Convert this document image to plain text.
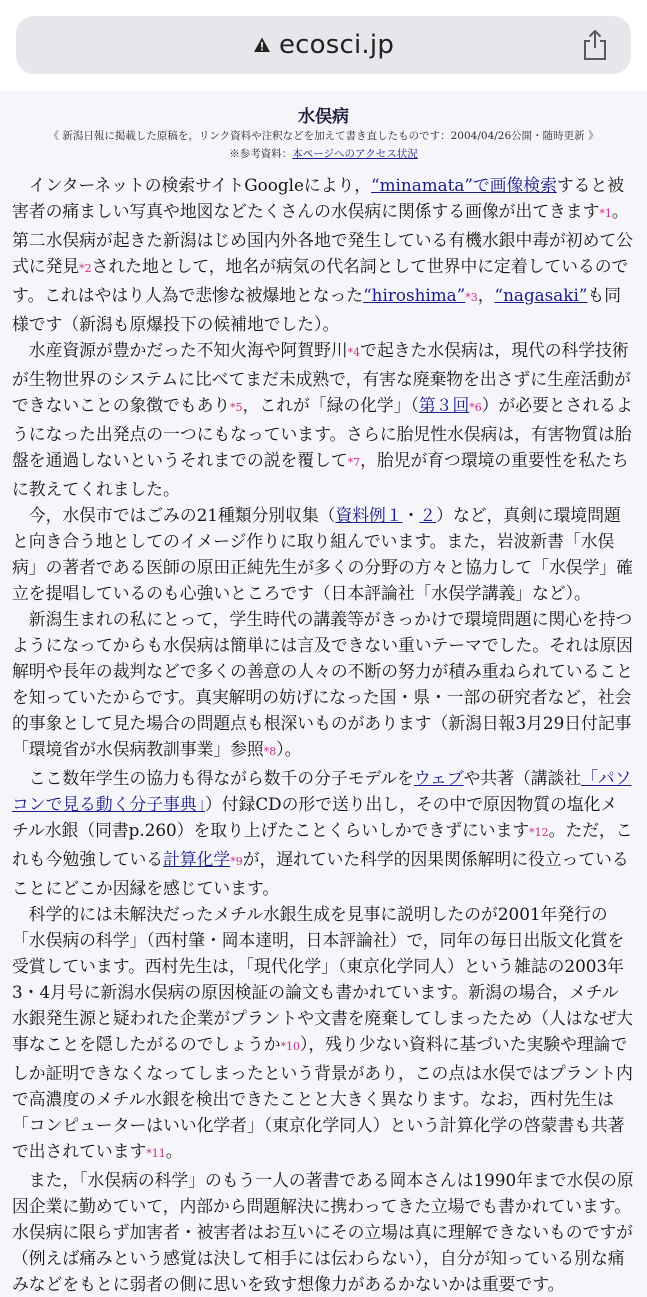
ecosci.jp
水俣病
《 新潟日報に掲載した原稿を，リンク資料や注釈などを加えて書き直したものです：2004/04/26公開・随時更新 》
※参考資料：本ページへのアクセス状況

インターネットの検索サイトGoogleにより，“minamata”で画像検索すると被害者の痛ましい写真や地図などたくさんの水俣病に関係する画像が出てきます*1。第二水俣病が起きた新潟はじめ国内外各地で発生している有機水銀中毒が初めて公式に発見*2された地として，地名が病気の代名詞として世界中に定着しているのです。これはやはり人為で悲惨な被爆地となった“hiroshima”*3，“nagasaki”も同様です（新潟も原爆投下の候補地でした）。

水産資源が豊かだった不知火海や阿賀野川*4で起きた水俣病は，現代の科学技術が生物世界のシステムに比べてまだ未成熟で，有害な廃棄物を出さずに生産活動ができないことの象徴でもあり*5，これが「緑の化学」（第３回*6）が必要とされるようになった出発点の一つにもなっています。さらに胎児性水俣病は，有害物質は胎盤を通過しないというそれまでの説を覆して*7，胎児が育つ環境の重要性を私たちに教えてくれました。

今，水俣市ではごみの21種類分別収集（資料例１・２）など，真剣に環境問題と向き合う地としてのイメージ作りに取り組んでいます。また，岩波新書「水俣病」の著者である医師の原田正純先生が多くの分野の方々と協力して「水俣学」確立を提唱しているのも心強いところです（日本評論社「水俣学講義」など）。

新潟生まれの私にとって，学生時代の講義等がきっかけで環境問題に関心を持つようになってからも水俣病は簡単には言及できない重いテーマでした。それは原因解明や長年の裁判などで多くの善意の人々の不断の努力が積み重ねられていることを知っていたからです。真実解明の妨げになった国・県・一部の研究者など，社会的事象として見た場合の問題点も根深いものがあります（新潟日報3月29日付記事「環境省が水俣病教訓事業」参照*8）。

ここ数年学生の協力も得ながら数千の分子モデルをウェブや共著（講談社「パソコンで見る動く分子事典」）付録CDの形で送り出し，その中で原因物質の塩化メチル水銀（同書p.260）を取り上げたことくらいしかできずにいます*12。ただ，これも今勉強している計算化学*9が，遅れていた科学的因果関係解明に役立っていることにどこか因縁を感じています。

科学的には未解決だったメチル水銀生成を見事に説明したのが2001年発行の「水俣病の科学」（西村肇・岡本達明，日本評論社）で，同年の毎日出版文化賞を受賞しています。西村先生は，「現代化学」（東京化学同人）という雑誌の2003年3・4月号に新潟水俣病の原因検証の論文も書かれています。新潟の場合，メチル水銀発生源と疑われた企業がプラントや文書を廃棄してしまったため（人はなぜ大事なことを隠したがるのでしょうか*10），残り少ない資料に基づいた実験や理論でしか証明できなくなってしまったという背景があり，この点は水俣ではプラント内で高濃度のメチル水銀を検出できたことと大きく異なります。なお，西村先生は「コンピューターはいい化学者」（東京化学同人）という計算化学の啓蒙書も共著で出されています*11。

また，「水俣病の科学」のもう一人の著書である岡本さんは1990年まで水俣の原因企業に勤めていて，内部から問題解決に携わってきた立場でも書かれています。水俣病に限らず加害者・被害者はお互いにその立場は真に理解できないものですが（例えば痛みという感覚は決して相手には伝わらない），自分が知っている別な痛みなどをもとに弱者の側に思いを致す想像力があるかないかは重要です。
